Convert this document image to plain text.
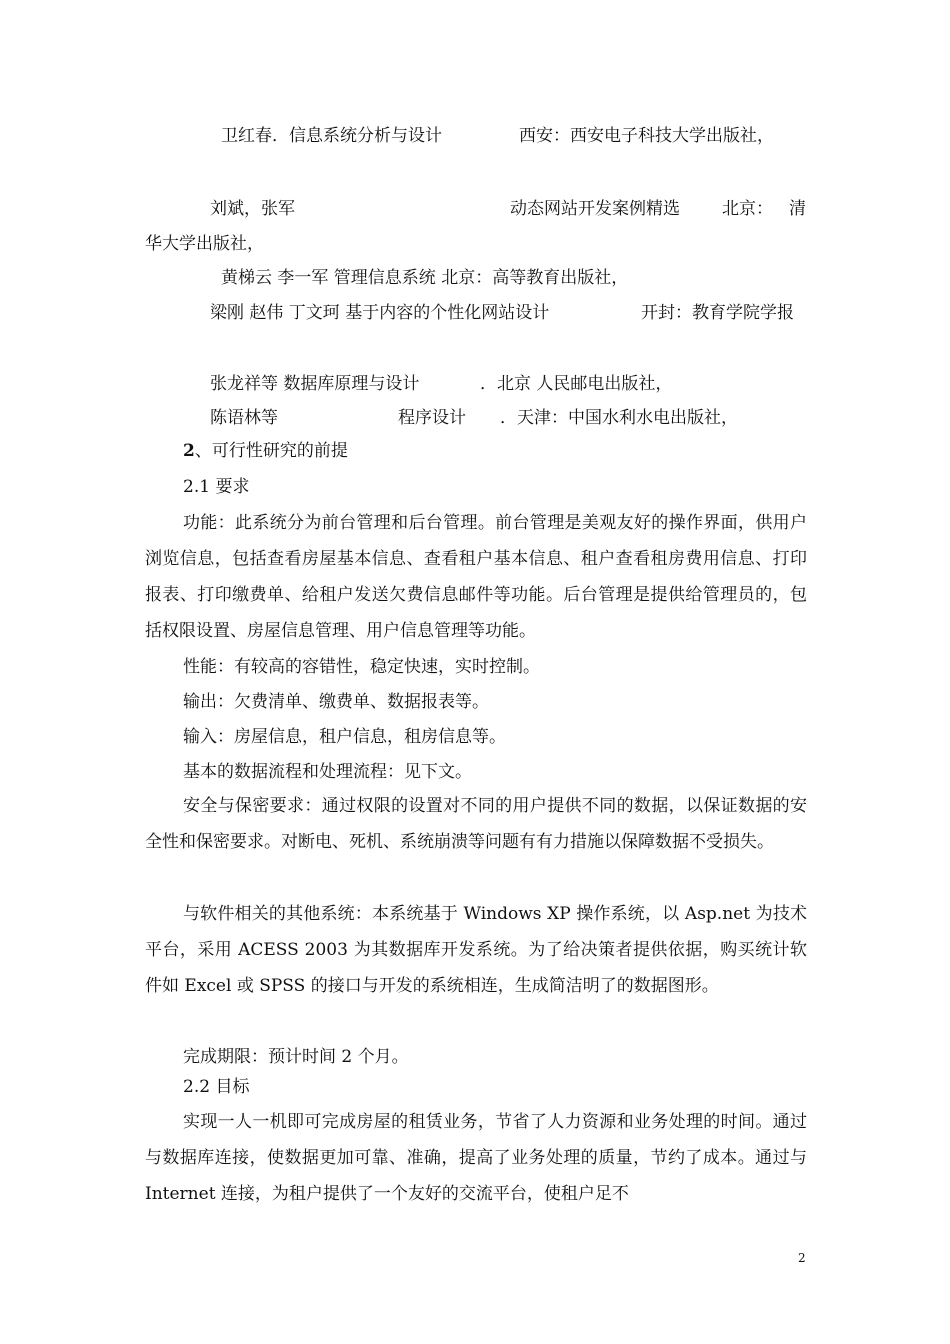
卫红春．信息系统分析与设计	西安：西安电子科技大学出版社，
刘斌，张军	动态网站开发案例精选 北京： 清
华大学出版社，
黄梯云 李一军 管理信息系统 北京：高等教育出版社，
梁刚 赵伟 丁文珂 基于内容的个性化网站设计	开封：教育学院学报
张龙祥等 数据库原理与设计	．北京 人民邮电出版社，
陈语林等	程序设计 ．天津：中国水利水电出版社，
2、可行性研究的前提
2.1 要求

功能：此系统分为前台管理和后台管理。前台管理是美观友好的操作界面，供用户浏览信息，包括查看房屋基本信息、查看租户基本信息、租户查看租房费用信息、打印报表、打印缴费单、给租户发送欠费信息邮件等功能。后台管理是提供给管理员的，包括权限设置、房屋信息管理、用户信息管理等功能。

性能：有较高的容错性，稳定快速，实时控制。

输出：欠费清单、缴费单、数据报表等。

输入：房屋信息，租户信息，租房信息等。

基本的数据流程和处理流程：见下文。

安全与保密要求：通过权限的设置对不同的用户提供不同的数据，以保证数据的安全性和保密要求。对断电、死机、系统崩溃等问题有有力措施以保障数据不受损失。

与软件相关的其他系统：本系统基于 Windows XP 操作系统，以 Asp.net 为技术平台，采用 ACESS 2003 为其数据库开发系统。为了给决策者提供依据，购买统计软件如 Excel 或 SPSS 的接口与开发的系统相连，生成简洁明了的数据图形。

完成期限：预计时间 2 个月。

2.2 目标

实现一人一机即可完成房屋的租赁业务，节省了人力资源和业务处理的时间。通过与数据库连接，使数据更加可靠、准确，提高了业务处理的质量，节约了成本。通过与 Internet 连接，为租户提供了一个友好的交流平台，使租户足不

2
